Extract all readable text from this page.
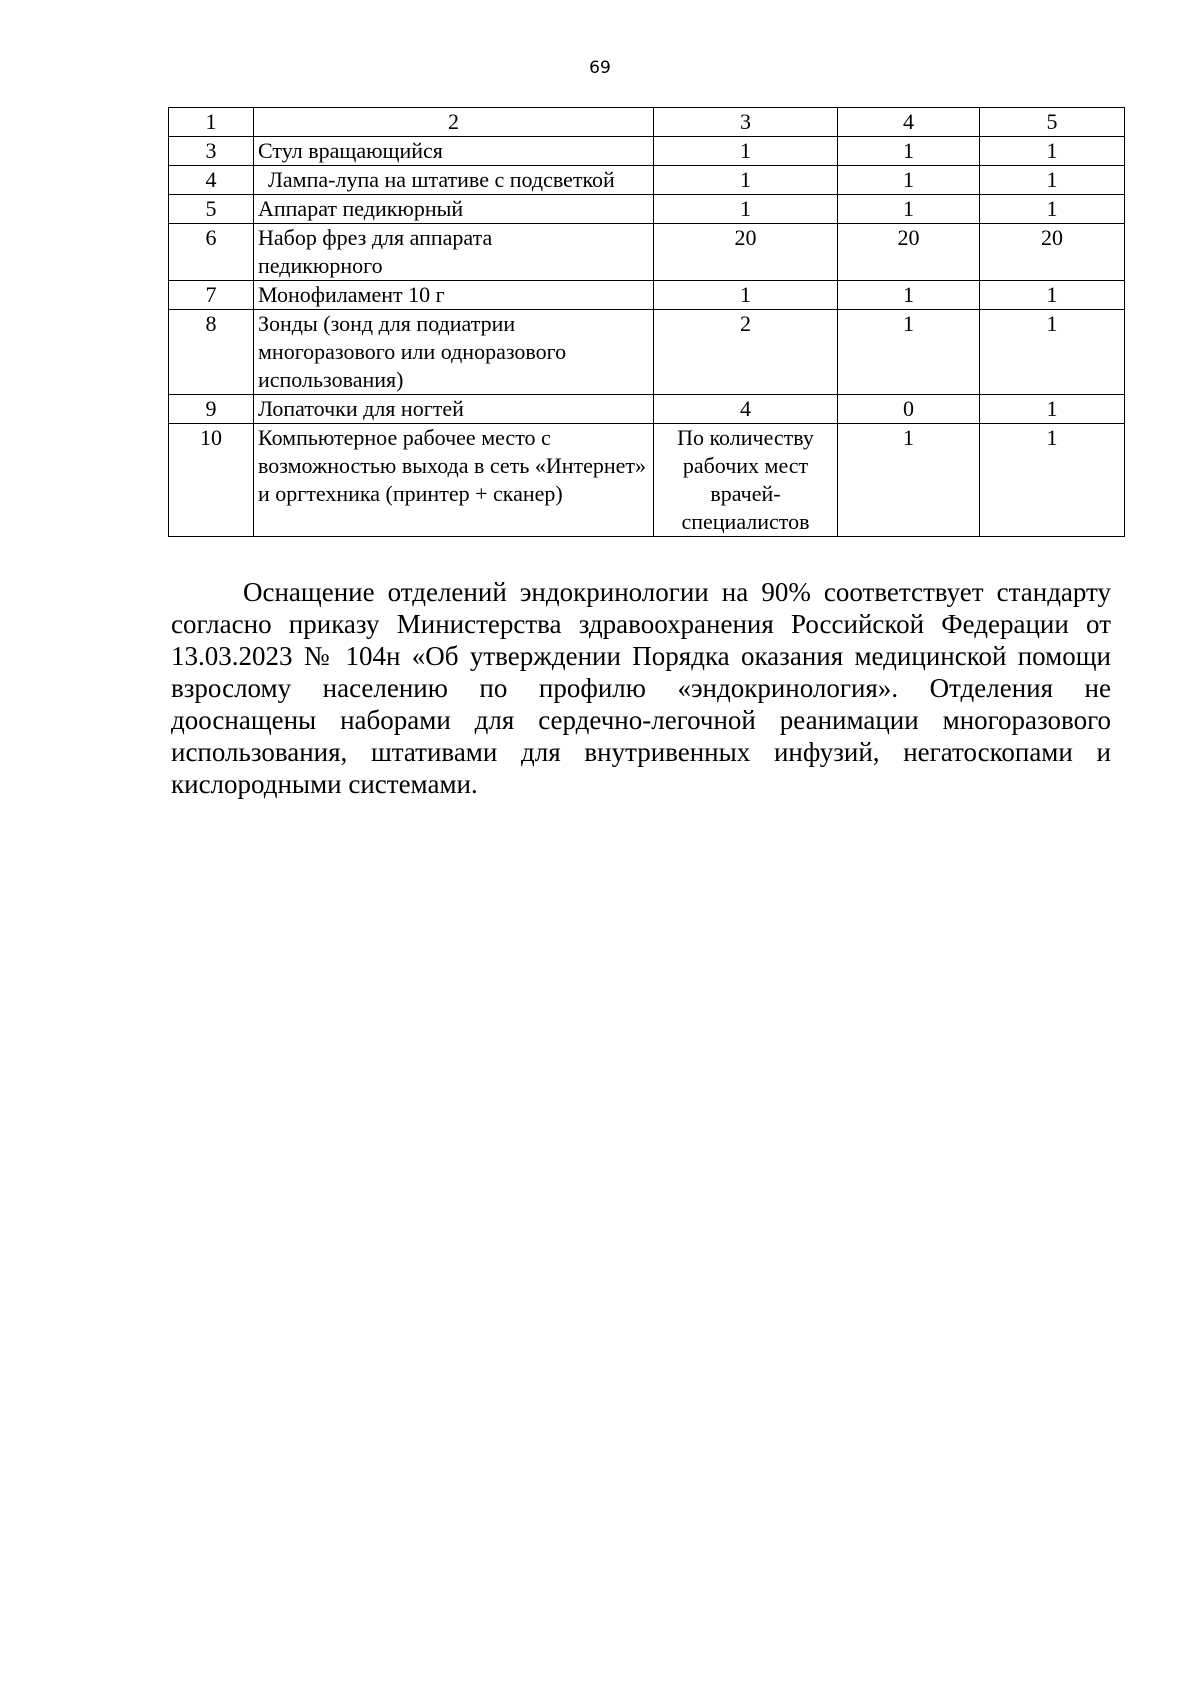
69
1	2	3	4	5
3	Стул вращающийся	1	1	1
4	Лампа-лупа на штативе с подсветкой	1	1	1
5	Аппарат педикюрный	1	1	1
6	Набор фрез для аппарата педикюрного	20	20	20
7	Монофиламент 10 г	1	1	1
8	Зонды (зонд для подиатрии многоразового или одноразового использования)	2	1	1
9	Лопаточки для ногтей	4	0	1
10	Компьютерное рабочее место с возможностью выхода в сеть «Интернет» и оргтехника (принтер + сканер)	По количеству рабочих мест врачей-специалистов	1	1

Оснащение отделений эндокринологии на 90% соответствует стандарту согласно приказу Министерства здравоохранения Российской Федерации от 13.03.2023 № 104н «Об утверждении Порядка оказания медицинской помощи взрослому населению по профилю «эндокринология». Отделения не дооснащены наборами для сердечно-легочной реанимации многоразового использования, штативами для внутривенных инфузий, негатоскопами и кислородными системами.
